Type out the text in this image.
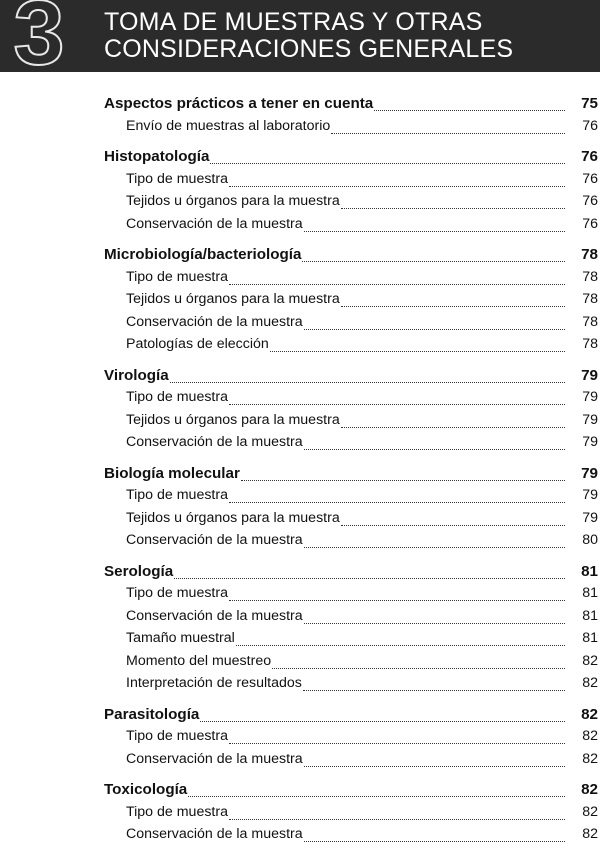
3	TOMA DE MUESTRAS Y OTRAS
CONSIDERACIONES GENERALES
Aspectos prácticos a tener en cuenta	75
Envío de muestras al laboratorio	76
Histopatología	76
Tipo de muestra	76
Tejidos u órganos para la muestra	76
Conservación de la muestra	76
Microbiología/bacteriología	78
Tipo de muestra	78
Tejidos u órganos para la muestra	78
Conservación de la muestra	78
Patologías de elección	78
Virología	79
Tipo de muestra	79
Tejidos u órganos para la muestra	79
Conservación de la muestra	79
Biología molecular	79
Tipo de muestra	79
Tejidos u órganos para la muestra	79
Conservación de la muestra	80
Serología	81
Tipo de muestra	81
Conservación de la muestra	81
Tamaño muestral	81
Momento del muestreo	82
Interpretación de resultados	82
Parasitología	82
Tipo de muestra	82
Conservación de la muestra	82
Toxicología	82
Tipo de muestra	82
Conservación de la muestra	82
